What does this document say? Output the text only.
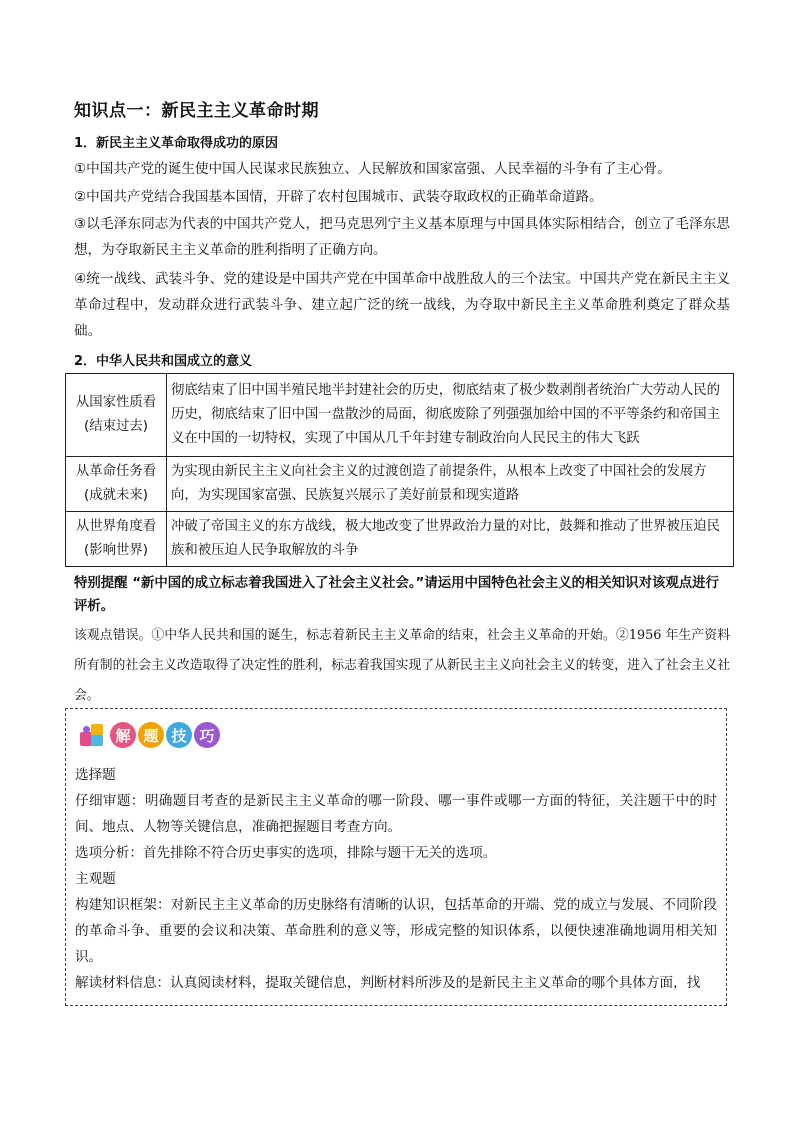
知识点一：新民主主义革命时期
1．新民主主义革命取得成功的原因
①中国共产党的诞生使中国人民谋求民族独立、人民解放和国家富强、人民幸福的斗争有了主心骨。
②中国共产党结合我国基本国情，开辟了农村包围城市、武装夺取政权的正确革命道路。
③以毛泽东同志为代表的中国共产党人，把马克思列宁主义基本原理与中国具体实际相结合，创立了毛泽东思想，为夺取新民主主义革命的胜利指明了正确方向。
④统一战线、武装斗争、党的建设是中国共产党在中国革命中战胜敌人的三个法宝。中国共产党在新民主主义革命过程中，发动群众进行武装斗争、建立起广泛的统一战线，为夺取中新民主主义革命胜利奠定了群众基础。
2．中华人民共和国成立的意义
从国家性质看
(结束过去)	彻底结束了旧中国半殖民地半封建社会的历史，彻底结束了极少数剥削者统治广大劳动人民的历史，彻底结束了旧中国一盘散沙的局面，彻底废除了列强强加给中国的不平等条约和帝国主义在中国的一切特权，实现了中国从几千年封建专制政治向人民民主的伟大飞跃

从革命任务看
(成就未来)	为实现由新民主主义向社会主义的过渡创造了前提条件，从根本上改变了中国社会的发展方向，为实现国家富强、民族复兴展示了美好前景和现实道路

从世界角度看
(影响世界)	冲破了帝国主义的东方战线，极大地改变了世界政治力量的对比，鼓舞和推动了世界被压迫民族和被压迫人民争取解放的斗争
特别提醒 “新中国的成立标志着我国进入了社会主义社会。”请运用中国特色社会主义的相关知识对该观点进行评析。
该观点错误。①中华人民共和国的诞生，标志着新民主主义革命的结束，社会主义革命的开始。②1956 年生产资料所有制的社会主义改造取得了决定性的胜利，标志着我国实现了从新民主主义向社会主义的转变，进入了社会主义社会。
解 题 技 巧
选择题
仔细审题：明确题目考查的是新民主主义革命的哪一阶段、哪一事件或哪一方面的特征，关注题干中的时间、地点、人物等关键信息，准确把握题目考查方向。
选项分析：首先排除不符合历史事实的选项，排除与题干无关的选项。
主观题
构建知识框架：对新民主主义革命的历史脉络有清晰的认识，包括革命的开端、党的成立与发展、不同阶段的革命斗争、重要的会议和决策、革命胜利的意义等，形成完整的知识体系，以便快速准确地调用相关知识。
解读材料信息：认真阅读材料，提取关键信息，判断材料所涉及的是新民主主义革命的哪个具体方面，找
